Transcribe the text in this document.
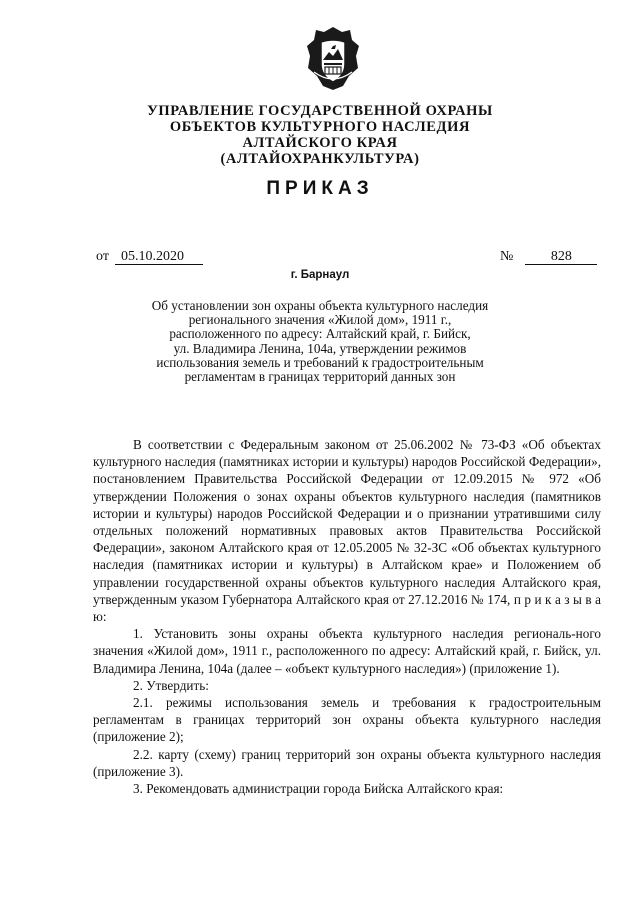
УПРАВЛЕНИЕ ГОСУДАРСТВЕННОЙ ОХРАНЫ
ОБЪЕКТОВ КУЛЬТУРНОГО НАСЛЕДИЯ
АЛТАЙСКОГО КРАЯ
(АЛТАЙОХРАНКУЛЬТУРА)
ПРИКАЗ
от 05.10.2020	№	828
г. Барнаул
Об установлении зон охраны объекта культурного наследия
регионального значения «Жилой дом», 1911 г.,
расположенного по адресу: Алтайский край, г. Бийск,
ул. Владимира Ленина, 104а, утверждении режимов
использования земель и требований к градостроительным
регламентам в границах территорий данных зон

В соответствии с Федеральным законом от 25.06.2002 № 73-ФЗ «Об объектах культурного наследия (памятниках истории и культуры) народов Российской Федерации», постановлением Правительства Российской Федерации от 12.09.2015 № 972 «Об утверждении Положения о зонах охраны объектов культурного наследия (памятников истории и культуры) народов Российской Федерации и о признании утратившими силу отдельных положений нормативных правовых актов Правительства Российской Федерации», законом Алтайского края от 12.05.2005 № 32-ЗС «Об объектах культурного наследия (памятниках истории и культуры) в Алтайском крае» и Положением об управлении государственной охраны объектов культурного наследия Алтайского края, утвержденным указом Губернатора Алтайского края от 27.12.2016 № 174, п р и к а з ы в а ю:

1. Установить зоны охраны объекта культурного наследия региональ-ного значения «Жилой дом», 1911 г., расположенного по адресу: Алтайский край, г. Бийск, ул. Владимира Ленина, 104а (далее – «объект культурного наследия») (приложение 1).

2. Утвердить:

2.1. режимы использования земель и требования к градостроительным регламентам в границах территорий зон охраны объекта культурного наследия (приложение 2);

2.2. карту (схему) границ территорий зон охраны объекта культурного наследия (приложение 3).

3. Рекомендовать администрации города Бийска Алтайского края:
